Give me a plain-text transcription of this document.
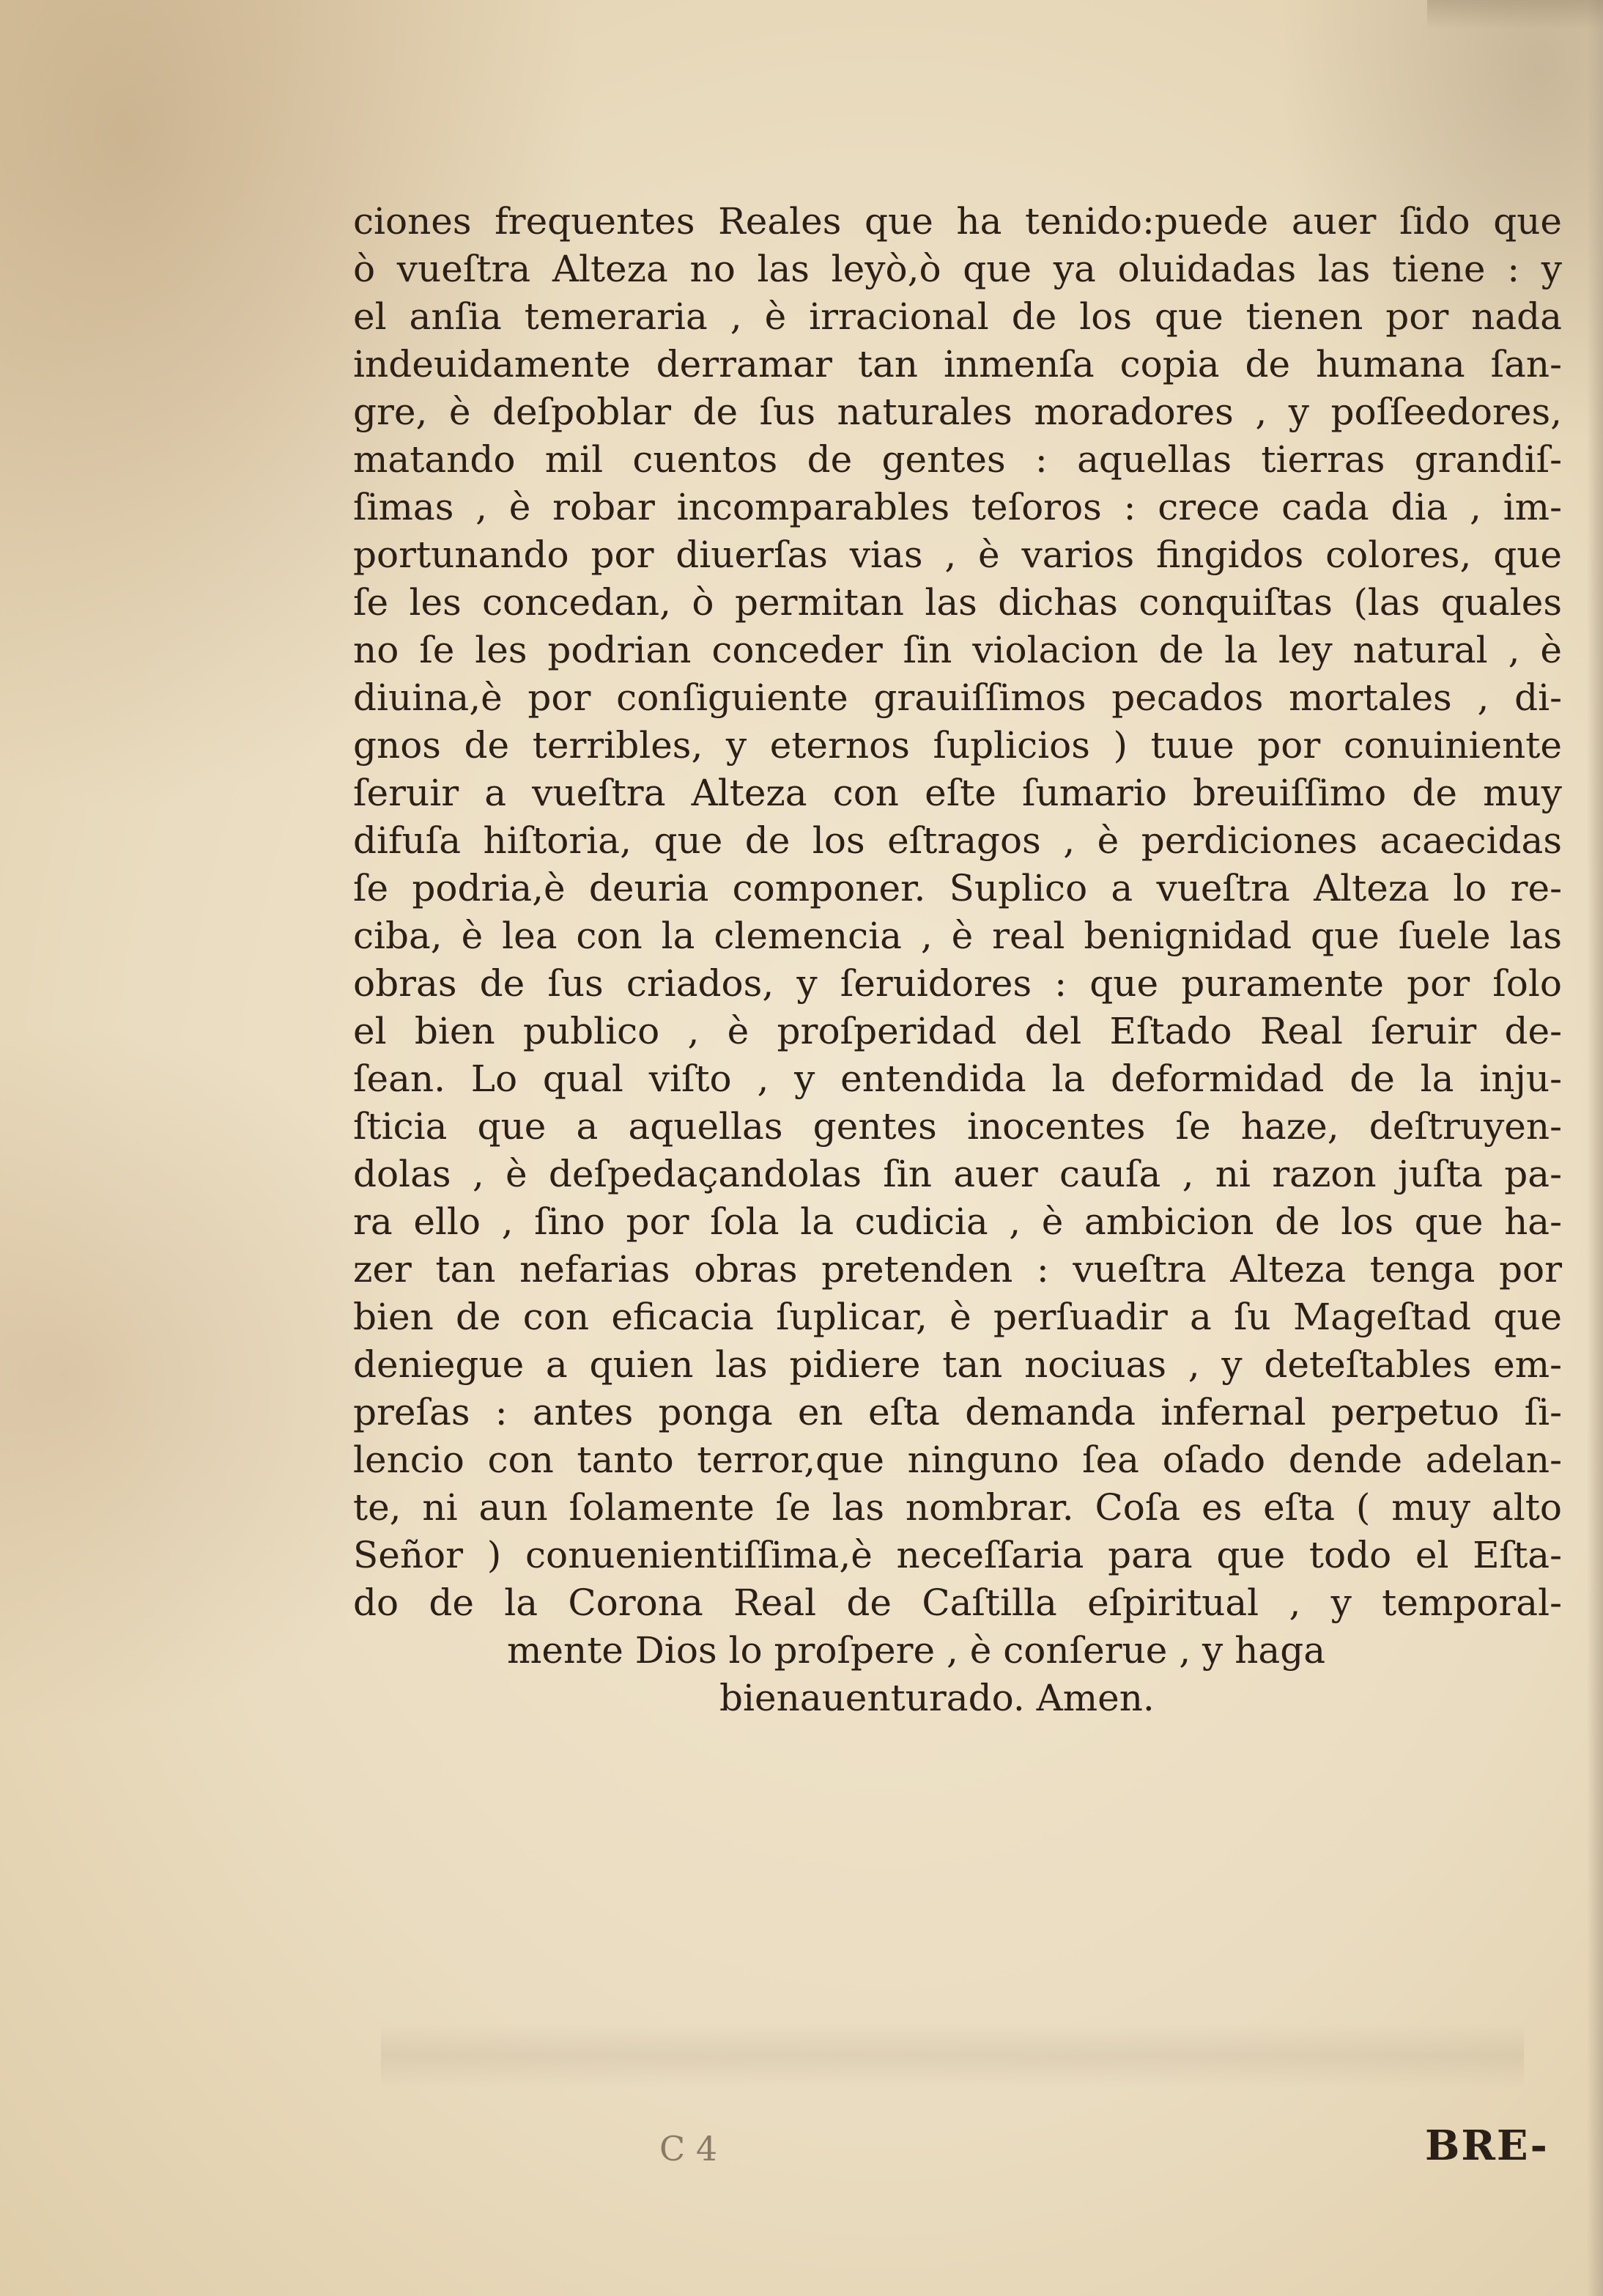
ciones frequentes Reales que ha tenido:puede auer ſido que
ò vueſtra Alteza no las leyò,ò que ya oluidadas las tiene : y
el anſia temeraria , è irracional de los que tienen por nada
indeuidamente derramar tan inmenſa copia de humana ſan-
gre, è deſpoblar de ſus naturales moradores , y poſſeedores,
matando mil cuentos de gentes : aquellas tierras grandiſ-
ſimas , è robar incomparables teſoros : crece cada dia , im-
portunando por diuerſas vias , è varios fingidos colores, que
ſe les concedan, ò permitan las dichas conquiſtas (las quales
no ſe les podrian conceder ſin violacion de la ley natural , è
diuina,è por conſiguiente grauiſſimos pecados mortales , di-
gnos de terribles, y eternos ſuplicios ) tuue por conuiniente
ſeruir a vueſtra Alteza con eſte ſumario breuiſſimo de muy
difuſa hiſtoria, que de los eſtragos , è perdiciones acaecidas
ſe podria,è deuria componer. Suplico a vueſtra Alteza lo re-
ciba, è lea con la clemencia , è real benignidad que ſuele las
obras de ſus criados, y ſeruidores : que puramente por ſolo
el bien publico , è proſperidad del Eſtado Real ſeruir de-
ſean. Lo qual viſto , y entendida la deformidad de la inju-
ſticia que a aquellas gentes inocentes ſe haze, deſtruyen-
dolas , è deſpedaçandolas ſin auer cauſa , ni razon juſta pa-
ra ello , ſino por ſola la cudicia , è ambicion de los que ha-
zer tan nefarias obras pretenden : vueſtra Alteza tenga por
bien de con eficacia ſuplicar, è perſuadir a ſu Mageſtad que
deniegue a quien las pidiere tan nociuas , y deteſtables em-
preſas : antes ponga en eſta demanda infernal perpetuo ſi-
lencio con tanto terror,que ninguno ſea oſado dende adelan-
te, ni aun ſolamente ſe las nombrar. Coſa es eſta ( muy alto
Señor ) conuenientiſſima,è neceſſaria para que todo el Eſta-
do de la Corona Real de Caſtilla eſpiritual , y temporal-
mente Dios lo proſpere , è conſerue , y haga
bienauenturado. Amen.
C 4	BRE-
